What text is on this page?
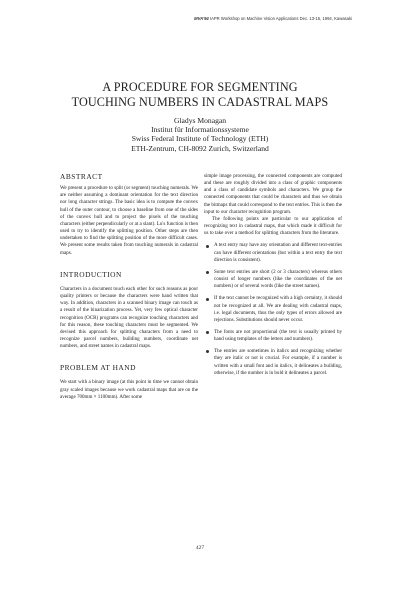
MVA'94 IAPR Workshop on Machine Vision Applications Dec. 13-15, 1994, Kawasaki
A PROCEDURE FOR SEGMENTING
TOUCHING NUMBERS IN CADASTRAL MAPS
Gladys Monagan
Institut für Informationssysteme
Swiss Federal Institute of Technology (ETH)
ETH-Zentrum, CH-8092 Zurich, Switzerland

ABSTRACT

We present a procedure to split (or segment) touching numerals. We are neither assuming a dominant orientation for the text direction nor long character strings. The basic idea is to compute the convex hull of the outer contour, to choose a baseline from one of the sides of the convex hull and to project the pixels of the touching characters (either perpendicularly or at a slant). Lu's function is then used to try to identify the splitting position. Other steps are then undertaken to find the splitting position of the more difficult cases. We present some results taken from touching numerals in cadastral maps.

INTRODUCTION

Characters in a document touch each other for such reasons as poor quality printers or because the characters were hand written that way. In addition, characters in a scanned binary image can touch as a result of the binarization process. Yet, very few optical character recognition (OCR) programs can recognize touching characters and for this reason, these touching characters must be segmented. We devised this approach for splitting characters from a need to recognize parcel numbers, building numbers, coordinate net numbers, and street names in cadastral maps.

PROBLEM AT HAND

We start with a binary image (at this point in time we cannot obtain gray scaled images because we work cadastral maps that are on the average 700mm × 1100mm). After some

simple image processing, the connected components are computed and these are roughly divided into a class of graphic components and a class of candidate symbols and characters. We group the connected components that could be characters and thus we obtain the bitmaps that could correspond to the text entries. This is then the input to our character recognition program.

The following points are particular to our application of recognizing text in cadastral maps, that which made it difficult for us to take over a method for splitting characters from the literature.

A text entry may have any orientation and different text-entries can have different orientations (but within a text entry the text direction is consistent).
Some text entries are short (2 or 3 characters) whereas others consist of longer numbers (like the coordinates of the net numbers) or of several words (like the street names).
If the text cannot be recognized with a high certainty, it should not be recognized at all. We are dealing with cadastral maps, i.e. legal documents, thus the only types of errors allowed are rejections. Substitutions should never occur.
The fonts are not proportional (the text is usually printed by hand using templates of the letters and numbers).
The entries are sometimes in italics and recognizing whether they are italic or not is crucial. For example, if a number is written with a small font and in italics, it delineates a building, otherwise, if the number is in bold it delineates a parcel.
427
